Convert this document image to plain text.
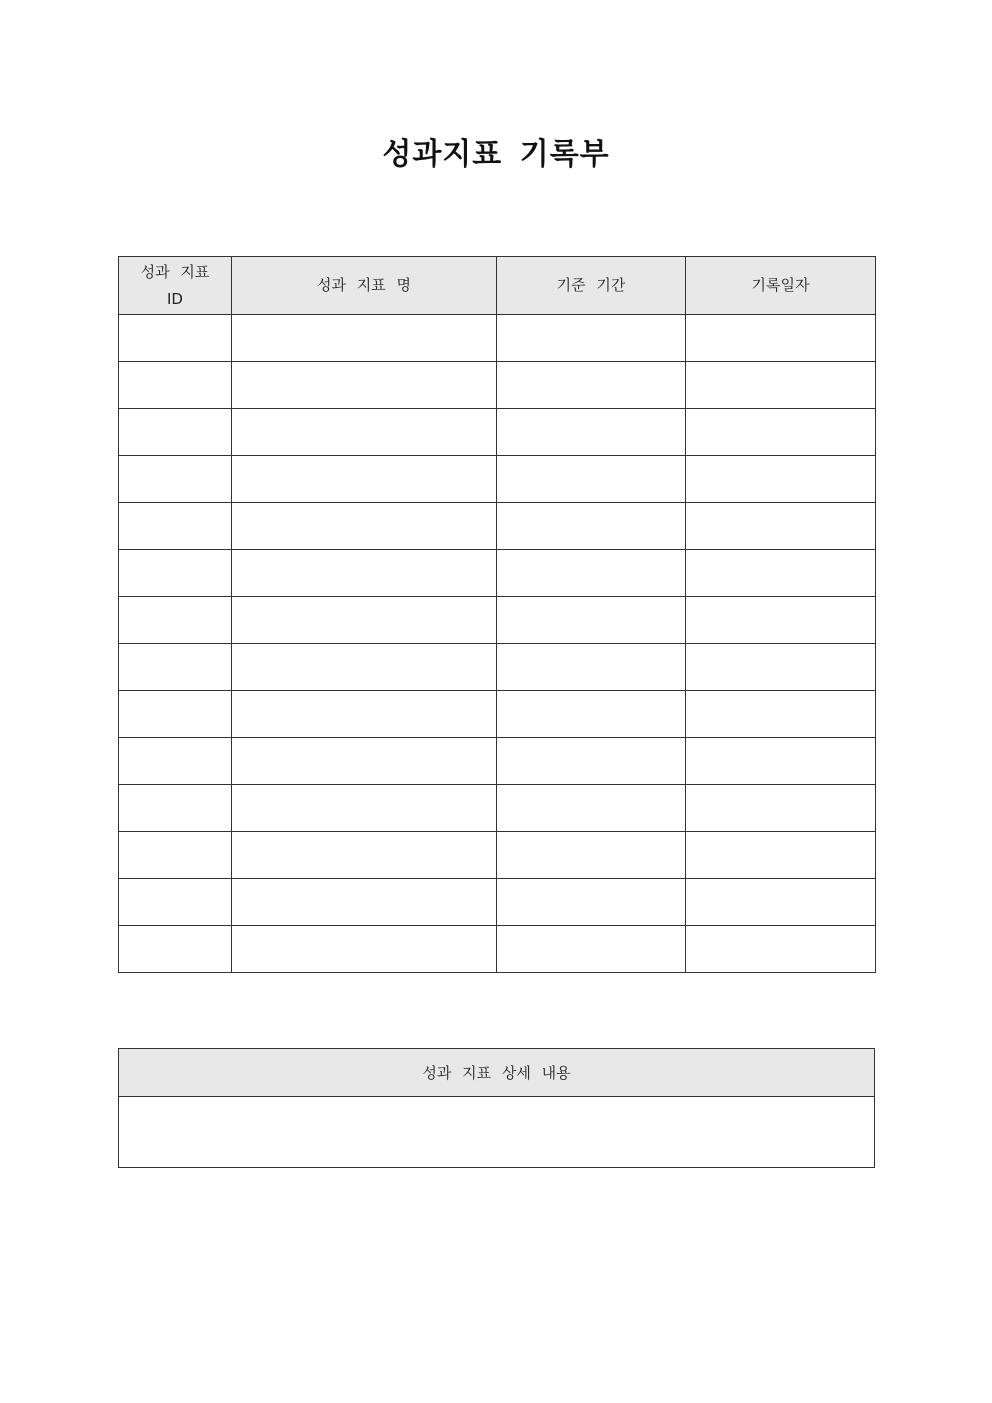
성과지표 기록부
성과 지표
ID	성과 지표 명	기준 기간	기록일자

성과 지표 상세 내용
